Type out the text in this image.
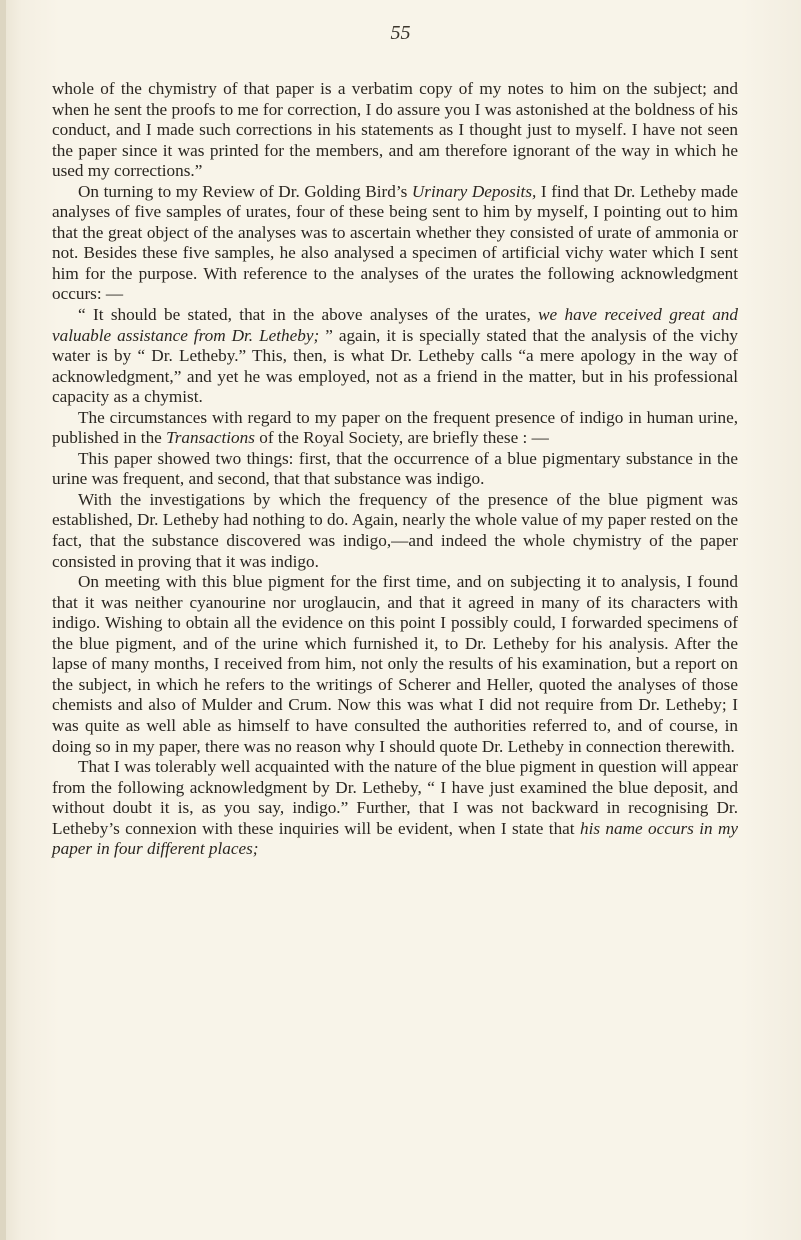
55

whole of the chymistry of that paper is a verbatim copy of my notes to him on the subject; and when he sent the proofs to me for correction, I do assure you I was astonished at the boldness of his conduct, and I made such corrections in his statements as I thought just to myself. I have not seen the paper since it was printed for the members, and am therefore ignorant of the way in which he used my corrections.”

On turning to my Review of Dr. Golding Bird’s Urinary Deposits, I find that Dr. Letheby made analyses of five samples of urates, four of these being sent to him by myself, I pointing out to him that the great object of the analyses was to ascertain whether they consisted of urate of ammonia or not. Besides these five samples, he also analysed a specimen of artificial vichy water which I sent him for the purpose. With reference to the analyses of the urates the following acknowledgment occurs: —

“ It should be stated, that in the above analyses of the urates, we have received great and valuable assistance from Dr. Letheby; ” again, it is specially stated that the analysis of the vichy water is by “ Dr. Letheby.” This, then, is what Dr. Letheby calls “a mere apology in the way of acknowledgment,” and yet he was employed, not as a friend in the matter, but in his professional capacity as a chymist.

The circumstances with regard to my paper on the frequent presence of indigo in human urine, published in the Transactions of the Royal Society, are briefly these : —

This paper showed two things: first, that the occurrence of a blue pigmentary substance in the urine was frequent, and second, that that substance was indigo.

With the investigations by which the frequency of the presence of the blue pigment was established, Dr. Letheby had nothing to do. Again, nearly the whole value of my paper rested on the fact, that the substance discovered was indigo,—and indeed the whole chymistry of the paper consisted in proving that it was indigo.

On meeting with this blue pigment for the first time, and on subjecting it to analysis, I found that it was neither cyanourine nor uroglaucin, and that it agreed in many of its characters with indigo. Wishing to obtain all the evidence on this point I possibly could, I forwarded specimens of the blue pigment, and of the urine which furnished it, to Dr. Letheby for his analysis. After the lapse of many months, I received from him, not only the results of his examination, but a report on the subject, in which he refers to the writings of Scherer and Heller, quoted the analyses of those chemists and also of Mulder and Crum. Now this was what I did not require from Dr. Letheby; I was quite as well able as himself to have consulted the authorities referred to, and of course, in doing so in my paper, there was no reason why I should quote Dr. Letheby in connection therewith.

That I was tolerably well acquainted with the nature of the blue pigment in question will appear from the following acknowledgment by Dr. Letheby, “ I have just examined the blue deposit, and without doubt it is, as you say, indigo.” Further, that I was not backward in recognising Dr. Letheby’s connexion with these inquiries will be evident, when I state that his name occurs in my paper in four different places;
